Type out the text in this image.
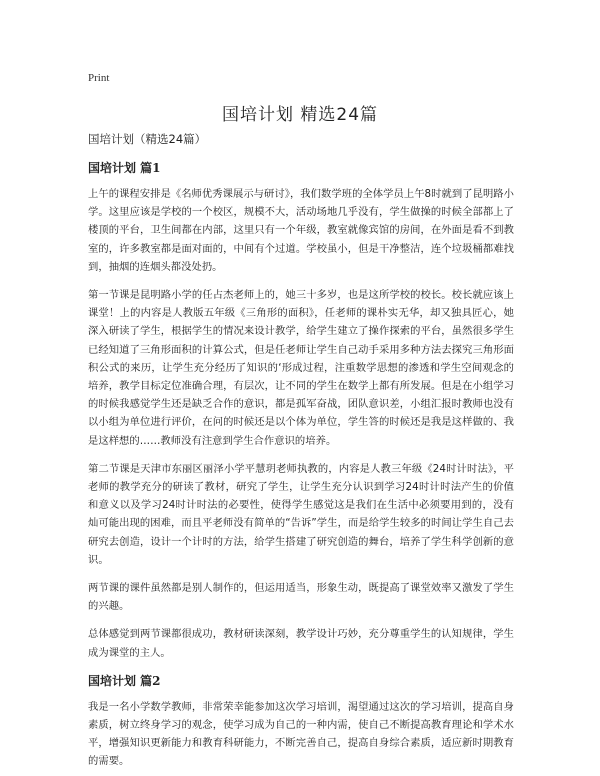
Print
国培计划 精选24篇

国培计划（精选24篇）

国培计划 篇1

上午的课程安排是《名师优秀课展示与研讨》，我们数学班的全体学员上午8时就到了昆明路小学。这里应该是学校的一个校区，规模不大，活动场地几乎没有，学生做操的时候全部都上了楼顶的平台，卫生间都在内部，这里只有一个年级，教室就像宾馆的房间，在外面是看不到教室的，许多教室都是面对面的，中间有个过道。学校虽小，但是干净整洁，连个垃圾桶都难找到，抽烟的连烟头都没处扔。

第一节课是昆明路小学的任占杰老师上的，她三十多岁，也是这所学校的校长。校长就应该上课堂！上的内容是人教版五年级《三角形的面积》，任老师的课朴实无华，却又独具匠心，她深入研读了学生，根据学生的情况来设计教学，给学生建立了操作探索的平台，虽然很多学生已经知道了三角形面积的计算公式，但是任老师让学生自己动手采用多种方法去探究三角形面积公式的来历，让学生充分经历了知识的‘形成过程，注重数学思想的渗透和学生空间观念的培养，教学目标定位准确合理，有层次，让不同的学生在数学上都有所发展。但是在小组学习的时候我感觉学生还是缺乏合作的意识，都是孤军奋战，团队意识差，小组汇报时教师也没有以小组为单位进行评价，在问的时候还是以个体为单位，学生答的时候还是我是这样做的、我是这样想的……教师没有注意到学生合作意识的培养。

第二节课是天津市东丽区丽泽小学平慧玥老师执教的，内容是人教三年级《24时计时法》，平老师的教学充分的研读了教材，研究了学生，让学生充分认识到学习24时计时法产生的价值和意义以及学习24时计时法的必要性，使得学生感觉这是我们在生活中必须要用到的，没有灿可能出现的困难，而且平老师没有简单的“告诉”学生，而是给学生较多的时间让学生自己去研究去创造，设计一个计时的方法，给学生搭建了研究创造的舞台，培养了学生科学创新的意识。

两节课的课件虽然都是别人制作的，但运用适当，形象生动，既提高了课堂效率又激发了学生的兴趣。

总体感觉到两节课都很成功，教材研读深刻，教学设计巧妙，充分尊重学生的认知规律，学生成为课堂的主人。

国培计划 篇2

我是一名小学数学教师，非常荣幸能参加这次学习培训，渴望通过这次的学习培训，提高自身素质，树立终身学习的观念，使学习成为自己的一种内需，使自己不断提高教育理论和学术水平，增强知识更新能力和教育科研能力，不断完善自己，提高自身综合素质，适应新时期教育的需要。
